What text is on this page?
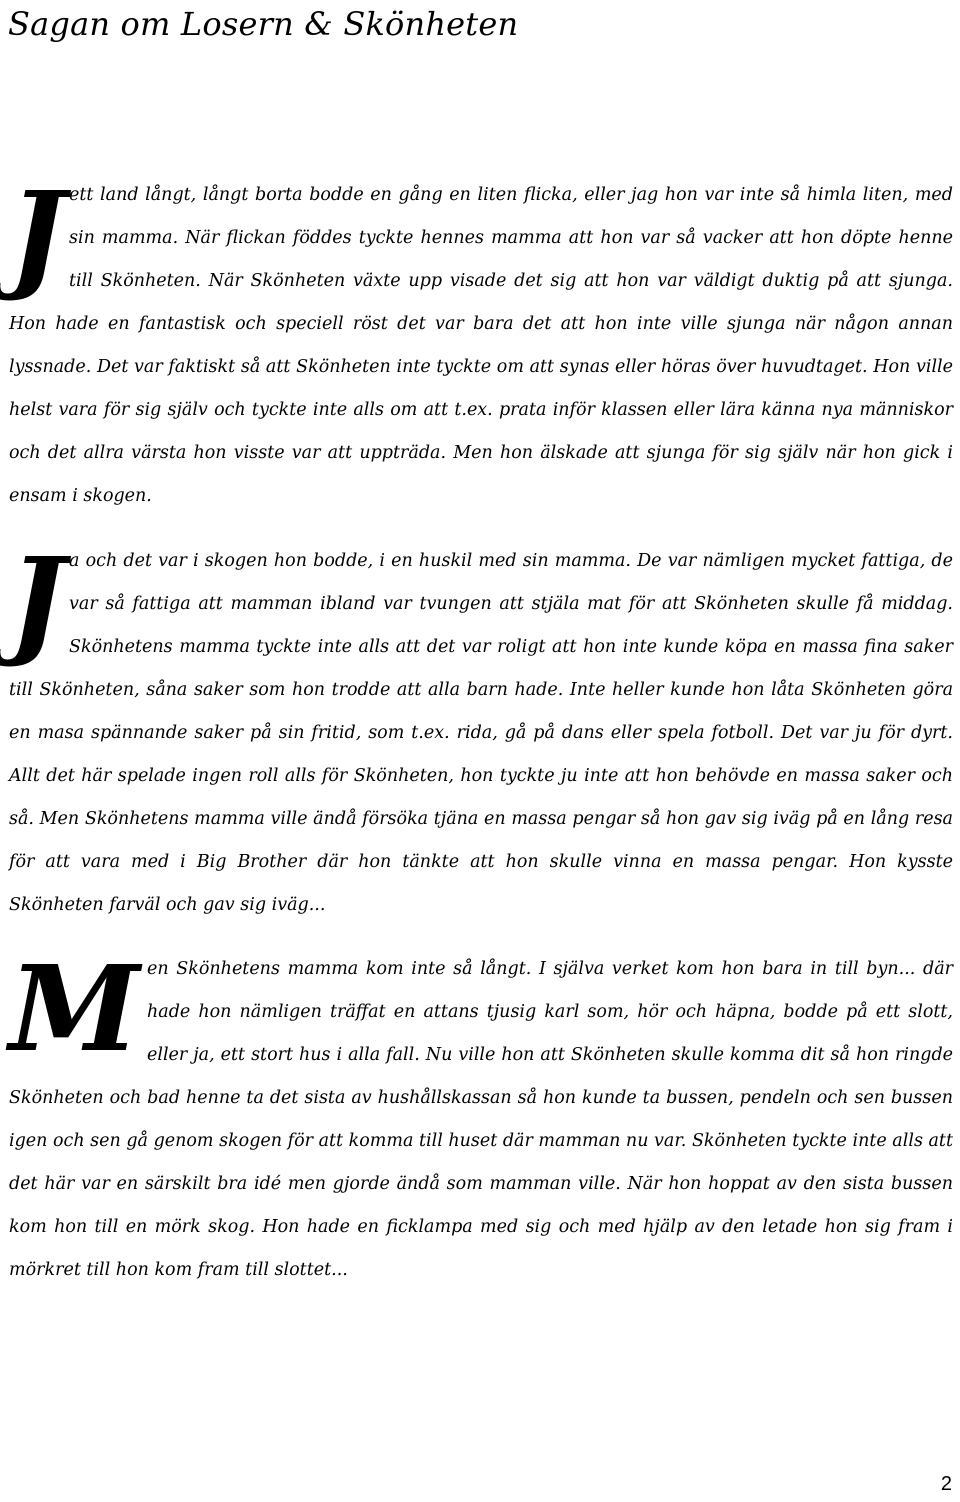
Sagan om Losern & Skönheten

J ett land långt, långt borta bodde en gång en liten flicka, eller jag hon var inte så himla liten, med sin mamma. När flickan föddes tyckte hennes mamma att hon var så vacker att hon döpte henne till Skönheten. När Skönheten växte upp visade det sig att hon var väldigt duktig på att sjunga. Hon hade en fantastisk och speciell röst det var bara det att hon inte ville sjunga när någon annan lyssnade. Det var faktiskt så att Skönheten inte tyckte om att synas eller höras över huvudtaget. Hon ville helst vara för sig själv och tyckte inte alls om att t.ex. prata inför klassen eller lära känna nya människor och det allra värsta hon visste var att uppträda. Men hon älskade att sjunga för sig själv när hon gick i ensam i skogen.

J a och det var i skogen hon bodde, i en huskil med sin mamma. De var nämligen mycket fattiga, de var så fattiga att mamman ibland var tvungen att stjäla mat för att Skönheten skulle få middag. Skönhetens mamma tyckte inte alls att det var roligt att hon inte kunde köpa en massa fina saker till Skönheten, såna saker som hon trodde att alla barn hade. Inte heller kunde hon låta Skönheten göra en masa spännande saker på sin fritid, som t.ex. rida, gå på dans eller spela fotboll. Det var ju för dyrt. Allt det här spelade ingen roll alls för Skönheten, hon tyckte ju inte att hon behövde en massa saker och så. Men Skönhetens mamma ville ändå försöka tjäna en massa pengar så hon gav sig iväg på en lång resa för att vara med i Big Brother där hon tänkte att hon skulle vinna en massa pengar. Hon kysste Skönheten farväl och gav sig iväg...

M en Skönhetens mamma kom inte så långt. I själva verket kom hon bara in till byn... där hade hon nämligen träffat en attans tjusig karl som, hör och häpna, bodde på ett slott, eller ja, ett stort hus i alla fall. Nu ville hon att Skönheten skulle komma dit så hon ringde Skönheten och bad henne ta det sista av hushållskassan så hon kunde ta bussen, pendeln och sen bussen igen och sen gå genom skogen för att komma till huset där mamman nu var. Skönheten tyckte inte alls att det här var en särskilt bra idé men gjorde ändå som mamman ville. När hon hoppat av den sista bussen kom hon till en mörk skog. Hon hade en ficklampa med sig och med hjälp av den letade hon sig fram i mörkret till hon kom fram till slottet...

2
